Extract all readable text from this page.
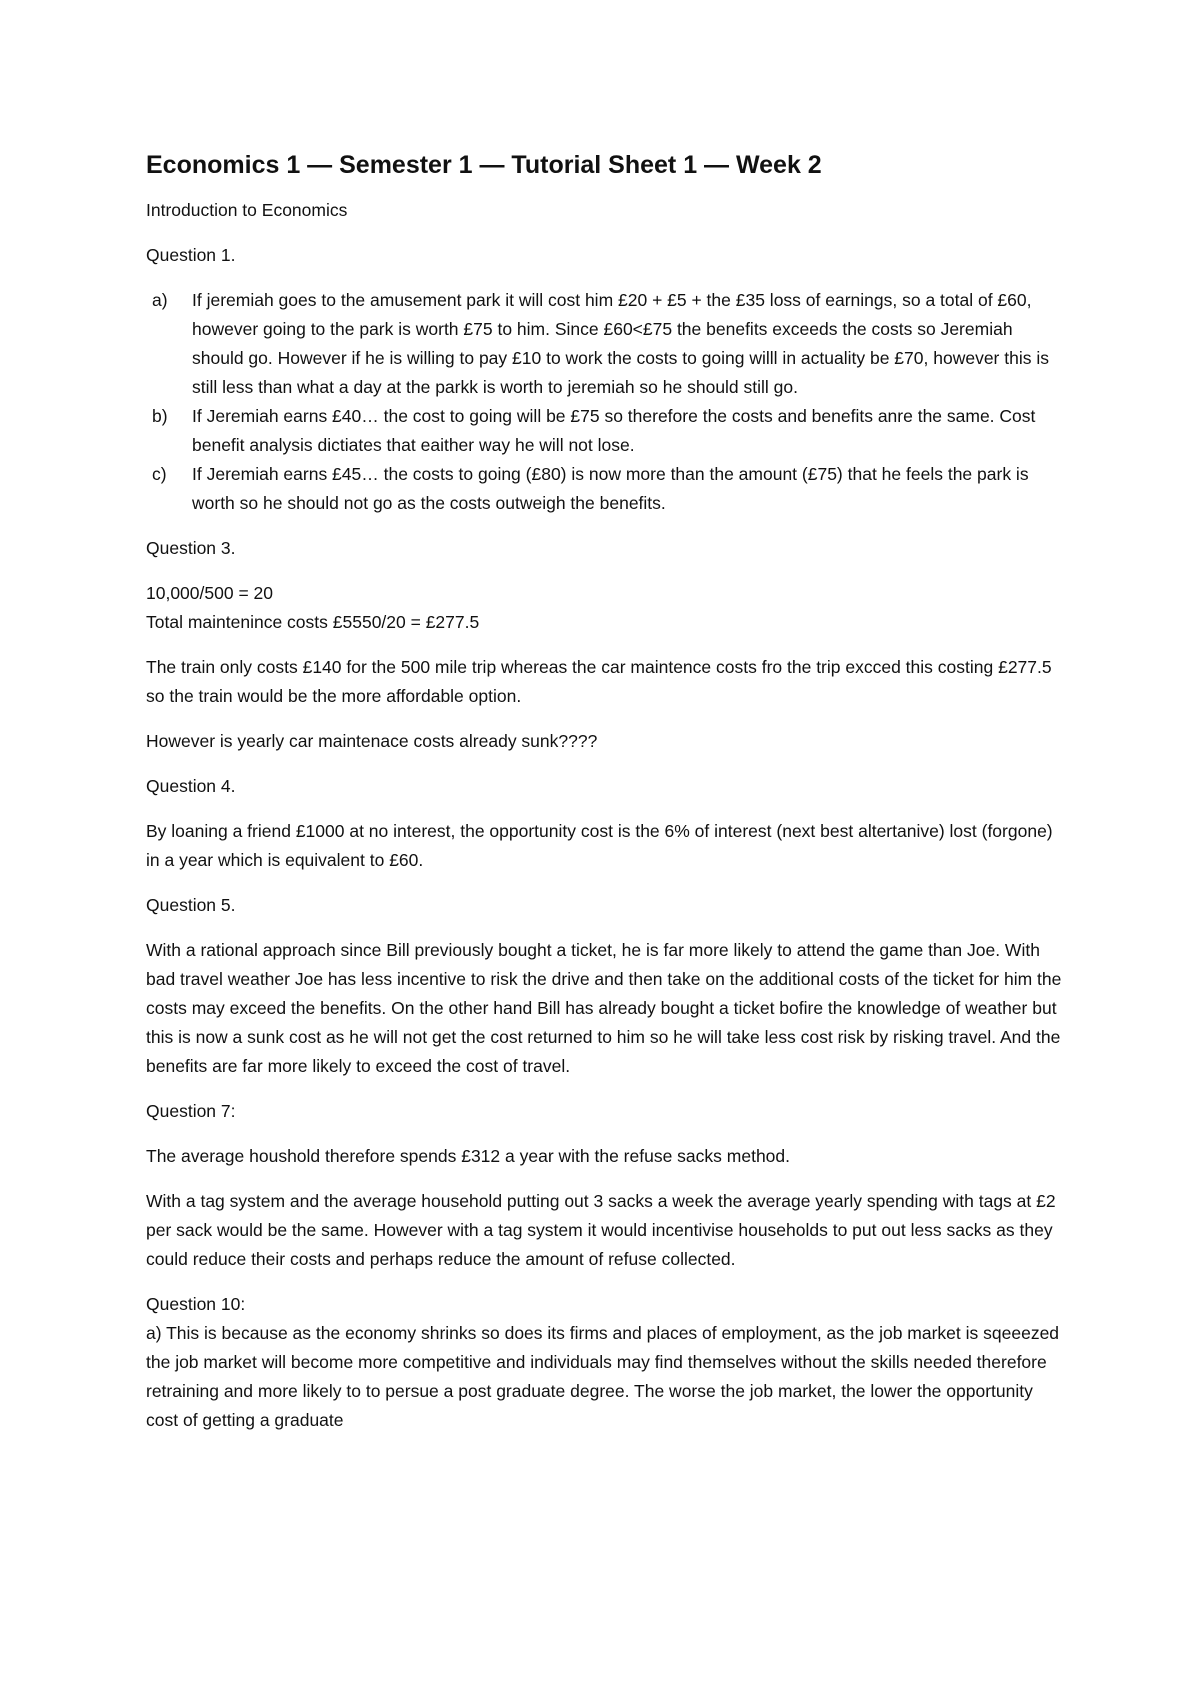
Economics 1 — Semester 1 — Tutorial Sheet 1 — Week 2

Introduction to Economics

Question 1.

a) If jeremiah goes to the amusement park it will cost him £20 + £5 + the £35 loss of earnings, so a total of £60, however going to the park is worth £75 to him. Since £60<£75 the benefits exceeds the costs so Jeremiah should go. However if he is willing to pay £10 to work the costs to going willl in actuality be £70, however this is still less than what a day at the parkk is worth to jeremiah so he should still go.
b) If Jeremiah earns £40… the cost to going will be £75 so therefore the costs and benefits anre the same. Cost benefit analysis dictiates that eaither way he will not lose.
c) If Jeremiah earns £45… the costs to going (£80) is now more than the amount (£75) that he feels the park is worth so he should not go as the costs outweigh the benefits.

Question 3.

10,000/500 = 20
Total maintenince costs £5550/20 = £277.5

The train only costs £140 for the 500 mile trip whereas the car maintence costs fro the trip excced this costing £277.5 so the train would be the more affordable option.

However is yearly car maintenace costs already sunk????

Question 4.

By loaning a friend £1000 at no interest, the opportunity cost is the 6% of interest (next best altertanive) lost (forgone) in a year which is equivalent to £60.

Question 5.

With a rational approach since Bill previously bought a ticket, he is far more likely to attend the game than Joe. With bad travel weather Joe has less incentive to risk the drive and then take on the additional costs of the ticket for him the costs may exceed the benefits. On the other hand Bill has already bought a ticket bofire the knowledge of weather but this is now a sunk cost as he will not get the cost returned to him so he will take less cost risk by risking travel. And the benefits are far more likely to exceed the cost of travel.

Question 7:

The average houshold therefore spends £312 a year with the refuse sacks method.

With a tag system and the average household putting out 3 sacks a week the average yearly spending with tags at £2 per sack would be the same. However with a tag system it would incentivise households to put out less sacks as they could reduce their costs and perhaps reduce the amount of refuse collected.

Question 10:

a) This is because as the economy shrinks so does its firms and places of employment, as the job market is sqeeezed the job market will become more competitive and individuals may find themselves without the skills needed therefore retraining and more likely to to persue a post graduate degree. The worse the job market, the lower the opportunity cost of getting a graduate
